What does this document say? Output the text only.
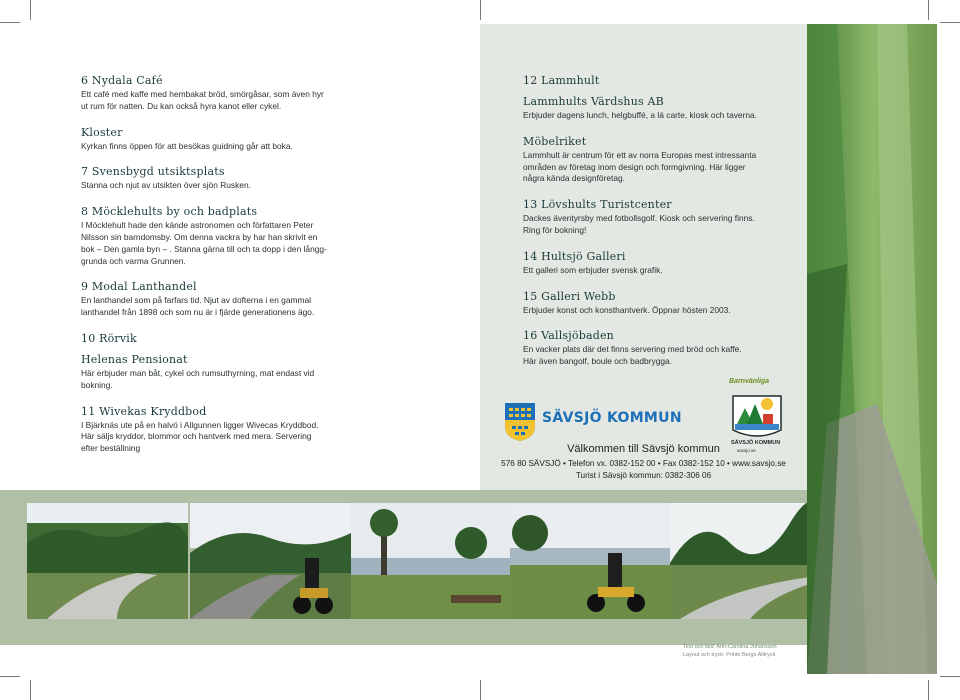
6 Nydala Café

Ett café med kaffe med hembakat bröd, smörgåsar, som även hyr
ut rum för natten. Du kan också hyra kanot eller cykel.

Kloster

Kyrkan finns öppen för att besökas guidning går att boka.

7 Svensbygd utsiktsplats

Stanna och njut av utsikten över sjön Rusken.

8 Möcklehults by och badplats

I Möcklehult hade den kände astronomen och författaren Peter
Nilsson sin barndomsby. Om denna vackra by har han skrivit en
bok – Den gamla byn – . Stanna gärna till och ta dopp i den långg-
grunda och varma Grunnen.

9 Modal Lanthandel

En lanthandel som på farfars tid. Njut av dofterna i en gammal
lanthandel från 1898 och som nu är i fjärde generationens ägo.

10 Rörvik
Helenas Pensionat

Här erbjuder man båt, cykel och rumsuthyrning, mat endast vid
bokning.

11 Wivekas Kryddbod

I Bjärknäs ute på en halvö i Allgunnen ligger Wivecas Kryddbod.
Här säljs kryddor, blommor och hantverk med mera. Servering
efter beställning

12 Lammhult
Lammhults Värdshus AB

Erbjuder dagens lunch, helgbuffé, a lá carte, kiosk och taverna.

Möbelriket

Lammhult är centrum för ett av norra Europas mest intressanta
områden av företag inom design och formgivning. Här ligger
några kända designföretag.

13 Lövshults Turistcenter

Dackes äventyrsby med fotbollsgolf. Kiosk och servering finns.
Ring för bokning!

14 Hultsjö Galleri

Ett galleri som erbjuder svensk grafik.

15 Galleri Webb

Erbjuder konst och konsthantverk. Öppnar hösten 2003.

16 Vallsjöbaden

En vacker plats där det finns servering med bröd och kaffe.
Här även bangolf, boule och badbrygga.

SÄVSJÖ KOMMUN
Barnvänliga
SÄVSJÖ KOMMUN
savsjo.se
Välkommen till Sävsjö kommun
576 80 SÄVSJÖ • Telefon vx. 0382-152 00 • Fax 0382-152 10 • www.savsjo.se
Turist i Sävsjö kommun: 0382-306 06
Text och bild: Ann-Carolina Johansson
Layout och tryck: Printo Bergs Alltryck
